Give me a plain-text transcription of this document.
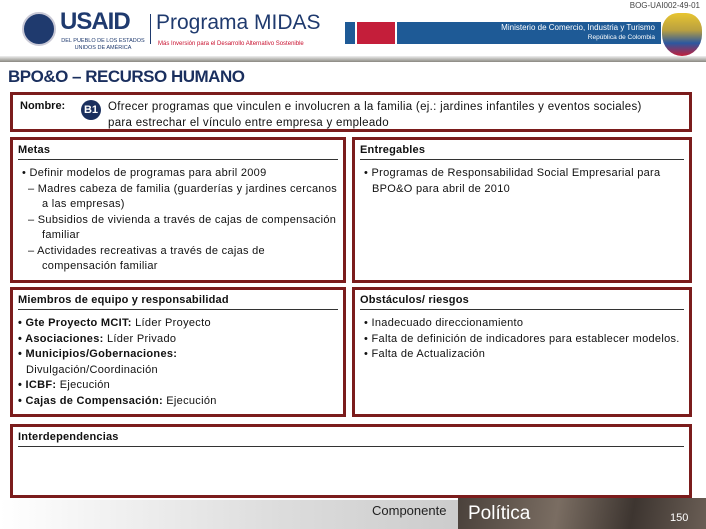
USAID
DEL PUEBLO DE LOS ESTADOS UNIDOS DE AMÉRICA
Programa MIDAS
Más Inversión para el Desarrollo Alternativo Sostenible
Ministerio de Comercio, Industria y Turismo
República de Colombia
BOG-UAI002-49-01
BPO&O – RECURSO HUMANO
Nombre: B1 Ofrecer programas que vinculen e involucren a la familia (ej.: jardines infantiles y eventos sociales) para estrechar el vínculo entre empresa y empleado
Metas
• Definir modelos de programas para abril 2009
– Madres cabeza de familia (guarderías y jardines cercanos a las empresas)
– Subsidios de vivienda a través de cajas de compensación familiar
– Actividades recreativas a través de cajas de compensación familiar
Entregables
• Programas de Responsabilidad Social Empresarial para BPO&O para abril de 2010
Miembros de equipo y responsabilidad
• Gte Proyecto MCIT: Líder Proyecto
• Asociaciones: Líder Privado
• Municipios/Gobernaciones:
Divulgación/Coordinación
• ICBF: Ejecución
• Cajas de Compensación: Ejecución
Obstáculos/ riesgos
• Inadecuado direccionamiento
• Falta de definición de indicadores para establecer modelos.
• Falta de Actualización
Interdependencias
Componente Política	150
